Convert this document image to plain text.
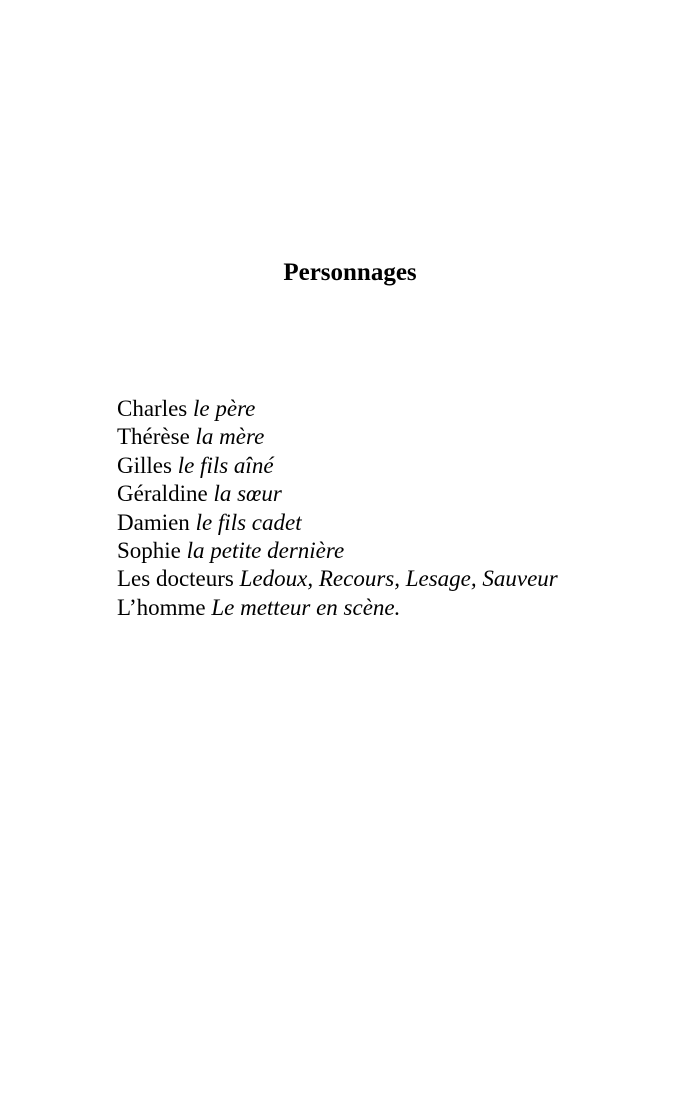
Personnages
Charles le père
Thérèse la mère
Gilles le fils aîné
Géraldine la sœur
Damien le fils cadet
Sophie la petite dernière
Les docteurs Ledoux, Recours, Lesage, Sauveur
L’homme Le metteur en scène.
